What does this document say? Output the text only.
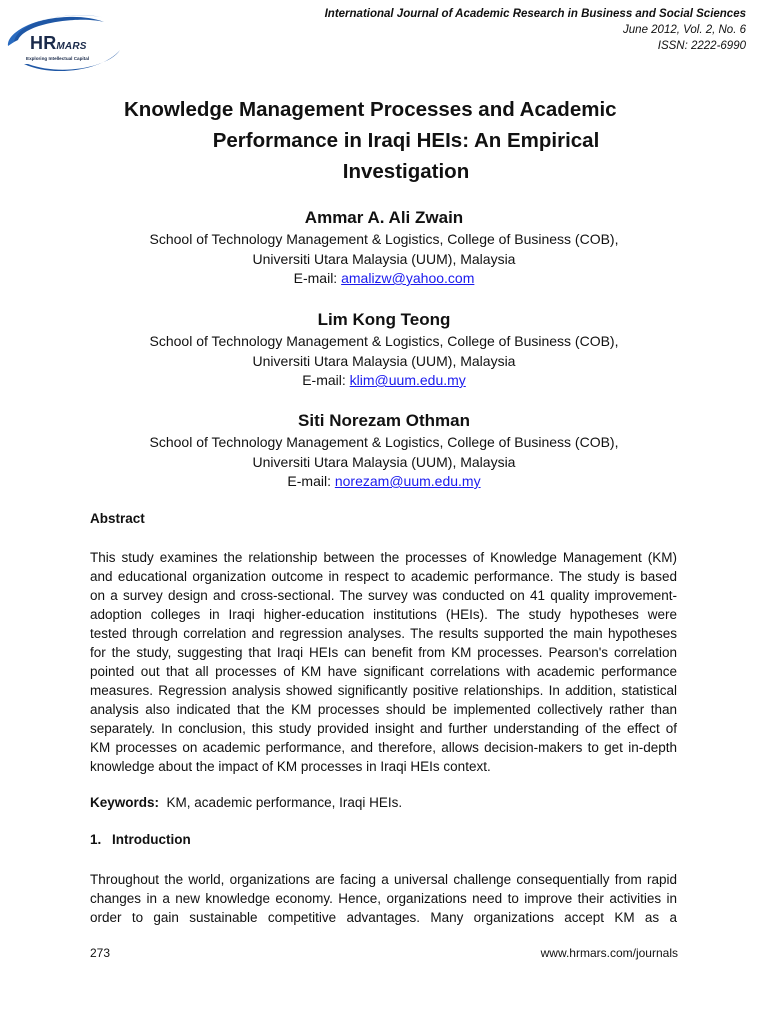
HRMARS
Exploring Intellectual Capital
International Journal of Academic Research in Business and Social Sciences
June 2012, Vol. 2, No. 6
ISSN: 2222-6990
Knowledge Management Processes and Academic
Performance in Iraqi HEIs: An Empirical
Investigation
Ammar A. Ali Zwain
School of Technology Management & Logistics, College of Business (COB),
Universiti Utara Malaysia (UUM), Malaysia
E-mail: amalizw@yahoo.com
Lim Kong Teong
School of Technology Management & Logistics, College of Business (COB),
Universiti Utara Malaysia (UUM), Malaysia
E-mail: klim@uum.edu.my
Siti Norezam Othman
School of Technology Management & Logistics, College of Business (COB),
Universiti Utara Malaysia (UUM), Malaysia
E-mail: norezam@uum.edu.my
Abstract
This study examines the relationship between the processes of Knowledge Management (KM)
and educational organization outcome in respect to academic performance. The study is based
on a survey design and cross-sectional. The survey was conducted on 41 quality improvement-
adoption colleges in Iraqi higher-education institutions (HEIs). The study hypotheses were
tested through correlation and regression analyses. The results supported the main hypotheses
for the study, suggesting that Iraqi HEIs can benefit from KM processes. Pearson's correlation
pointed out that all processes of KM have significant correlations with academic performance
measures. Regression analysis showed significantly positive relationships. In addition, statistical
analysis also indicated that the KM processes should be implemented collectively rather than
separately. In conclusion, this study provided insight and further understanding of the effect of
KM processes on academic performance, and therefore, allows decision-makers to get in-depth
knowledge about the impact of KM processes in Iraqi HEIs context.
Keywords: KM, academic performance, Iraqi HEIs.
1. Introduction
Throughout the world, organizations are facing a universal challenge consequentially from rapid
changes in a new knowledge economy. Hence, organizations need to improve their activities in
order to gain sustainable competitive advantages. Many organizations accept KM as a
273	www.hrmars.com/journals
